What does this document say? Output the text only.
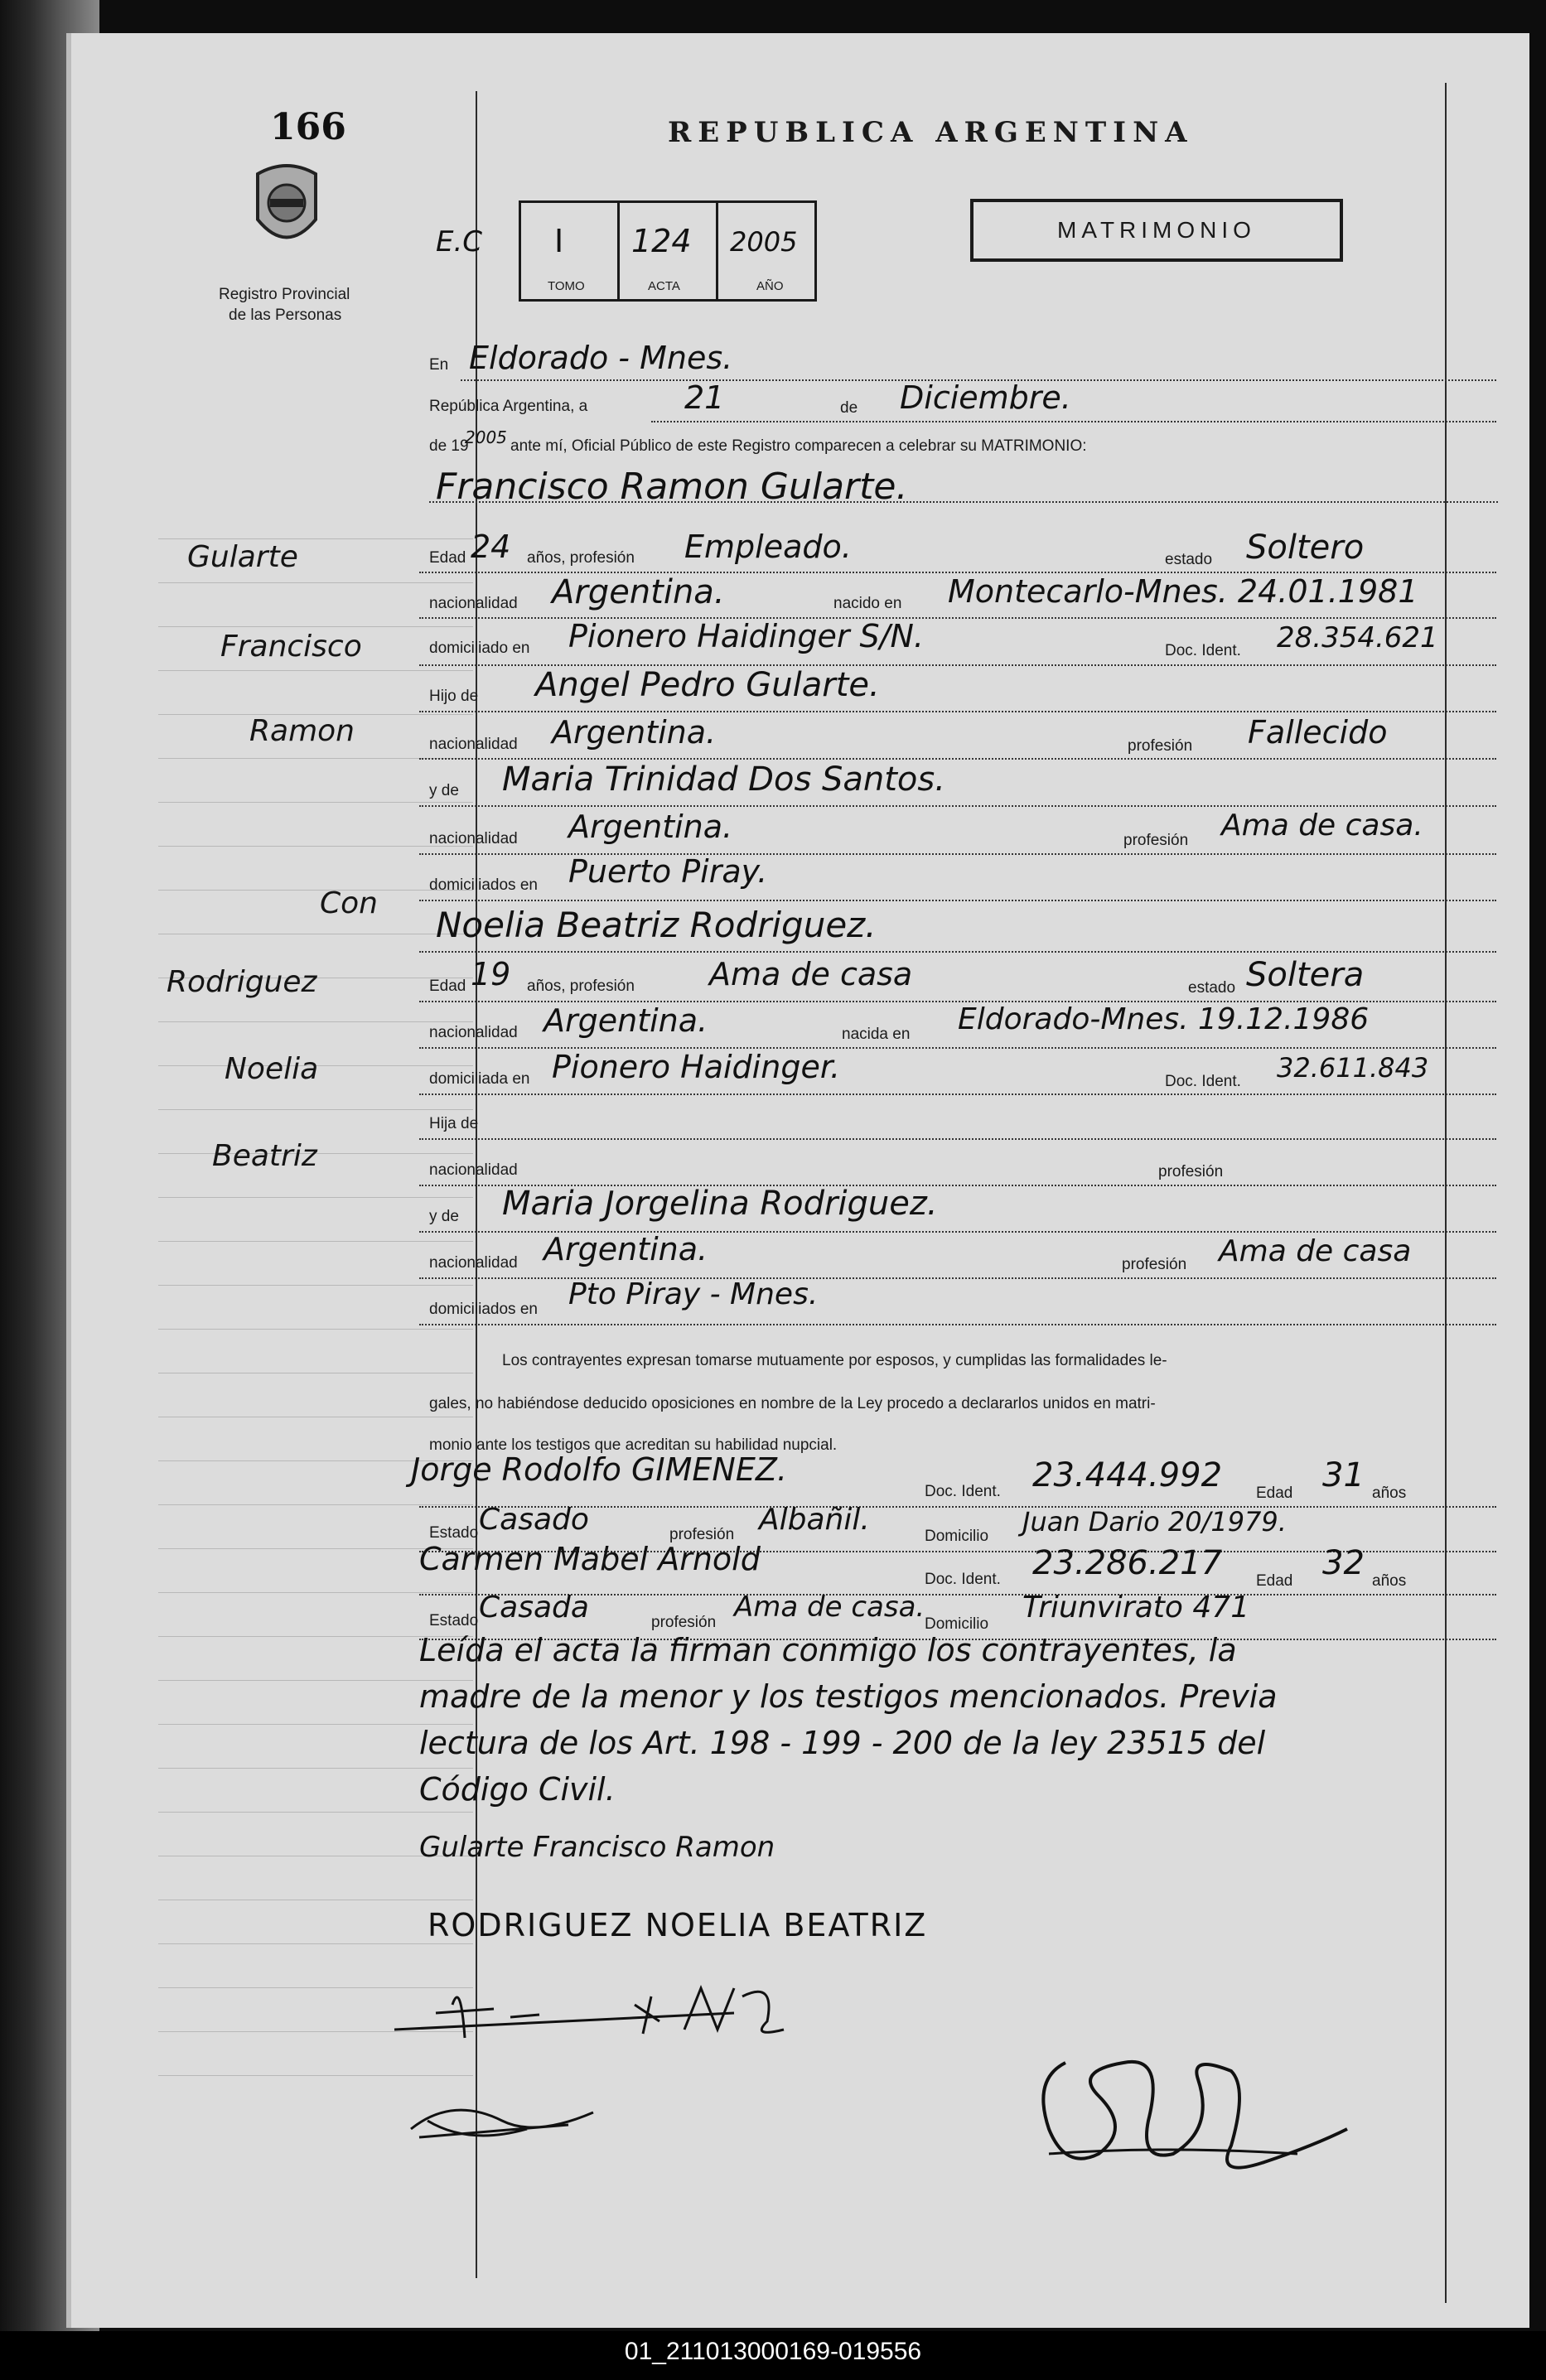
166
Registro Provincial
de las Personas
REPUBLICA ARGENTINA
MATRIMONIO
E.C I
TOMO
124
ACTA
2005
AÑO
En Eldorado - Mnes.
República Argentina, a	21	de Diciembre.
de 19
2005 ante mí, Oficial Público de este Registro comparecen a celebrar su MATRIMONIO:
Francisco Ramon Gularte.
Gularte
Francisco
Ramon
Con
Rodriguez
Noelia
Beatriz
Edad 24 años, profesión Empleado.	estado Soltero
nacionalidad Argentina.	nacido en Montecarlo-Mnes. 24.01.1981
domiciliado en Pionero Haidinger S/N.	Doc. Ident. 28.354.621
Hijo de Angel Pedro Gularte.
nacionalidad Argentina.	profesión Fallecido
y de Maria Trinidad Dos Santos.
nacionalidad Argentina.	profesión Ama de casa.
domiciliados en Puerto Piray.
Noelia Beatriz Rodriguez.
Edad 19 años, profesión Ama de casa	estado Soltera
nacionalidad Argentina.	nacida en Eldorado-Mnes. 19.12.1986
domiciliada en Pionero Haidinger.	Doc. Ident. 32.611.843
Hija de
nacionalidad	profesión
y de Maria Jorgelina Rodriguez.
nacionalidad Argentina.	profesión Ama de casa
domiciliados en Pto Piray - Mnes.
Los contrayentes expresan tomarse mutuamente por esposos, y cumplidas las formalidades le-
gales, no habiéndose deducido oposiciones en nombre de la Ley procedo a declararlos unidos en matri-
monio ante los testigos que acreditan su habilidad nupcial.
Jorge Rodolfo GIMENEZ.
Doc. Ident. 23.444.992 Edad 31 años
Estado Casado	profesión Albañil.	Domicilio Juan Dario 20/1979.
Carmen Mabel Arnold
Doc. Ident. 23.286.217 Edad 32 años
Estado Casada	profesión Ama de casa.
Domicilio Triunvirato 471
Leída el acta la firman conmigo los contrayentes, la
madre de la menor y los testigos mencionados. Previa
lectura de los Art. 198 - 199 - 200 de la ley 23515 del
Código Civil.
Gularte Francisco Ramon
RODRIGUEZ NOELIA BEATRIZ
01_211013000169-019556
